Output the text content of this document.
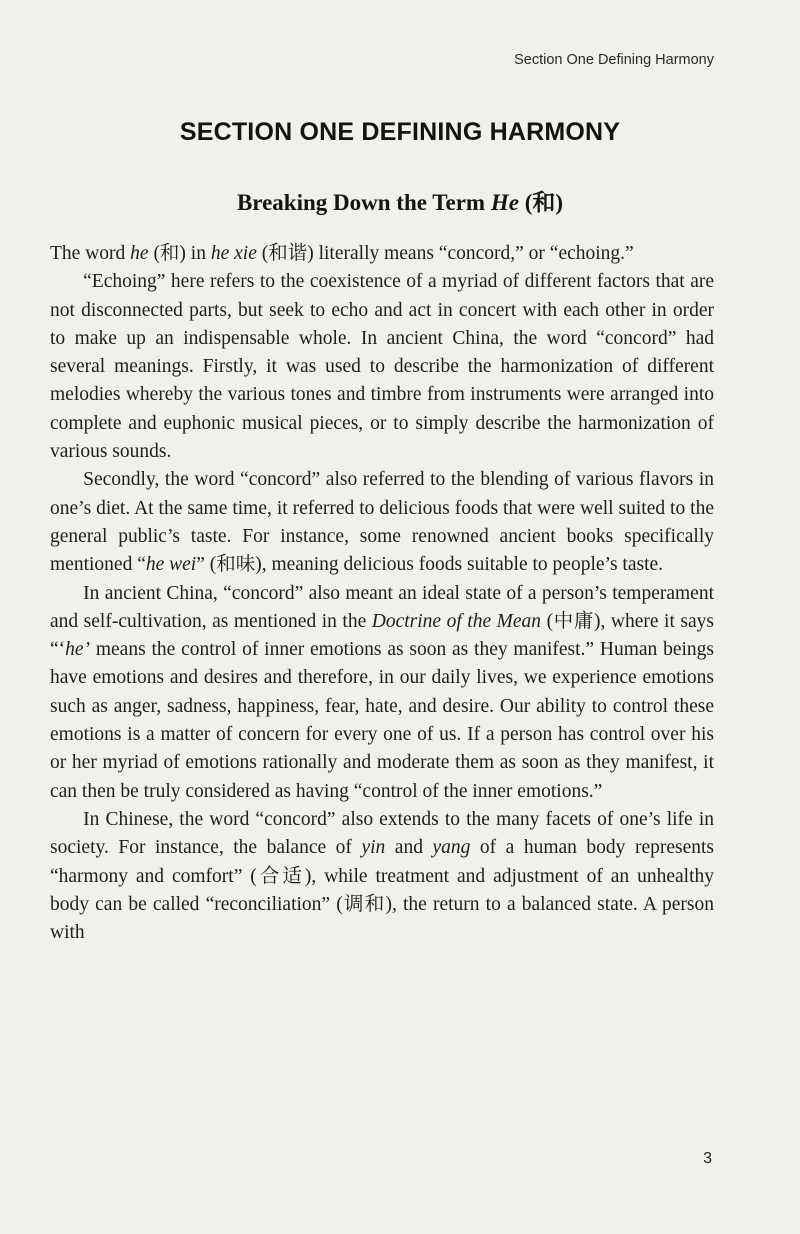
Section One Defining Harmony
SECTION ONE DEFINING HARMONY
Breaking Down the Term He (和)

The word he (和) in he xie (和谐) literally means “concord,” or “echoing.”

“Echoing” here refers to the coexistence of a myriad of different factors that are not disconnected parts, but seek to echo and act in concert with each other in order to make up an indispensable whole. In ancient China, the word “concord” had several meanings. Firstly, it was used to describe the harmonization of different melodies whereby the various tones and timbre from instruments were arranged into complete and euphonic musical pieces, or to simply describe the harmonization of various sounds.

Secondly, the word “concord” also referred to the blending of various flavors in one’s diet. At the same time, it referred to delicious foods that were well suited to the general public’s taste. For instance, some renowned ancient books specifically mentioned “he wei” (和味), meaning delicious foods suitable to people’s taste.

In ancient China, “concord” also meant an ideal state of a person’s temperament and self-cultivation, as mentioned in the Doctrine of the Mean (中庸), where it says “‘he’ means the control of inner emotions as soon as they manifest.” Human beings have emotions and desires and therefore, in our daily lives, we experience emotions such as anger, sadness, happiness, fear, hate, and desire. Our ability to control these emotions is a matter of concern for every one of us. If a person has control over his or her myriad of emotions rationally and moderate them as soon as they manifest, it can then be truly considered as having “control of the inner emotions.”

In Chinese, the word “concord” also extends to the many facets of one’s life in society. For instance, the balance of yin and yang of a human body represents “harmony and comfort” (合适), while treatment and adjustment of an unhealthy body can be called “reconciliation” (调和), the return to a balanced state. A person with

3
